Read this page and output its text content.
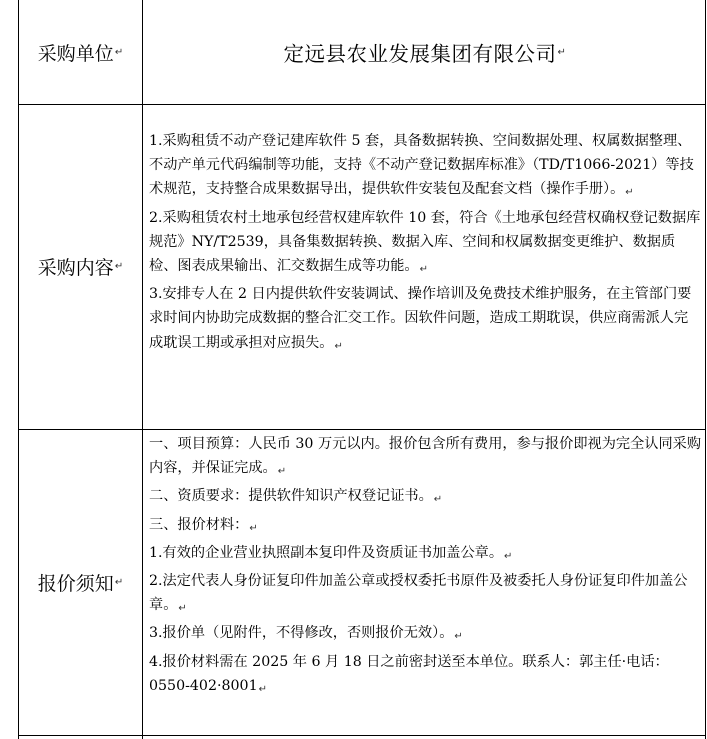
采购单位 ↵	定远县农业发展集团有限公司 ↵
采购内容 ↵

1.采购租赁不动产登记建库软件 5 套，具备数据转换、空间数据处理、权属数据整理、不动产单元代码编制等功能，支持《不动产登记数据库标准》（TD/T1066-2021）等技术规范，支持整合成果数据导出，提供软件安装包及配套文档（操作手册）。↵

2.采购租赁农村土地承包经营权建库软件 10 套，符合《土地承包经营权确权登记数据库规范》NY/T2539，具备集数据转换、数据入库、空间和权属数据变更维护、数据质检、图表成果输出、汇交数据生成等功能。↵

3.安排专人在 2 日内提供软件安装调试、操作培训及免费技术维护服务，在主管部门要求时间内协助完成数据的整合汇交工作。因软件问题，造成工期耽误，供应商需派人完成耽误工期或承担对应损失。↵

报价须知 ↵

一、项目预算：人民币 30 万元以内。报价包含所有费用，参与报价即视为完全认同采购内容，并保证完成。↵

二、资质要求：提供软件知识产权登记证书。↵

三、报价材料：↵

1.有效的企业营业执照副本复印件及资质证书加盖公章。↵

2.法定代表人身份证复印件加盖公章或授权委托书原件及被委托人身份证复印件加盖公章。↵

3.报价单（见附件，不得修改，否则报价无效）。↵

4.报价材料需在 2025 年 6 月 18 日之前密封送至本单位。联系人：郭主任·电话：0550-402·8001↵
